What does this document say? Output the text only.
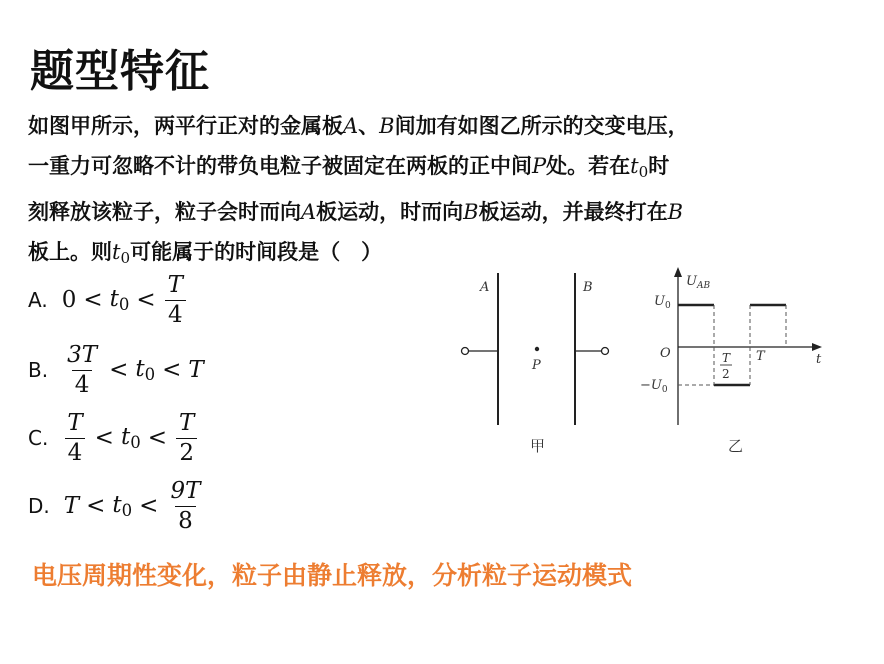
题型特征
如图甲所示，两平行正对的金属板A、B间加有如图乙所示的交变电压，
一重力可忽略不计的带负电粒子被固定在两板的正中间P处。若在$t_0$时
刻释放该粒子，粒子会时而向A板运动，时而向B板运动，并最终打在B
板上。则$t_0$可能属于的时间段是（　）
A. $0 < t_0 < \frac{T}{4}$
B. $\frac{3T}{4} < t_0 < T$
C. $\frac{T}{4} < t_0 < \frac{T}{2}$
D. $T < t_0 < \frac{9T}{8}$
A	B
P
甲
$U_{AB}$
$U_0$
$-U_0$
O	T
2
T	t
乙
电压周期性变化，粒子由静止释放，分析粒子运动模式
